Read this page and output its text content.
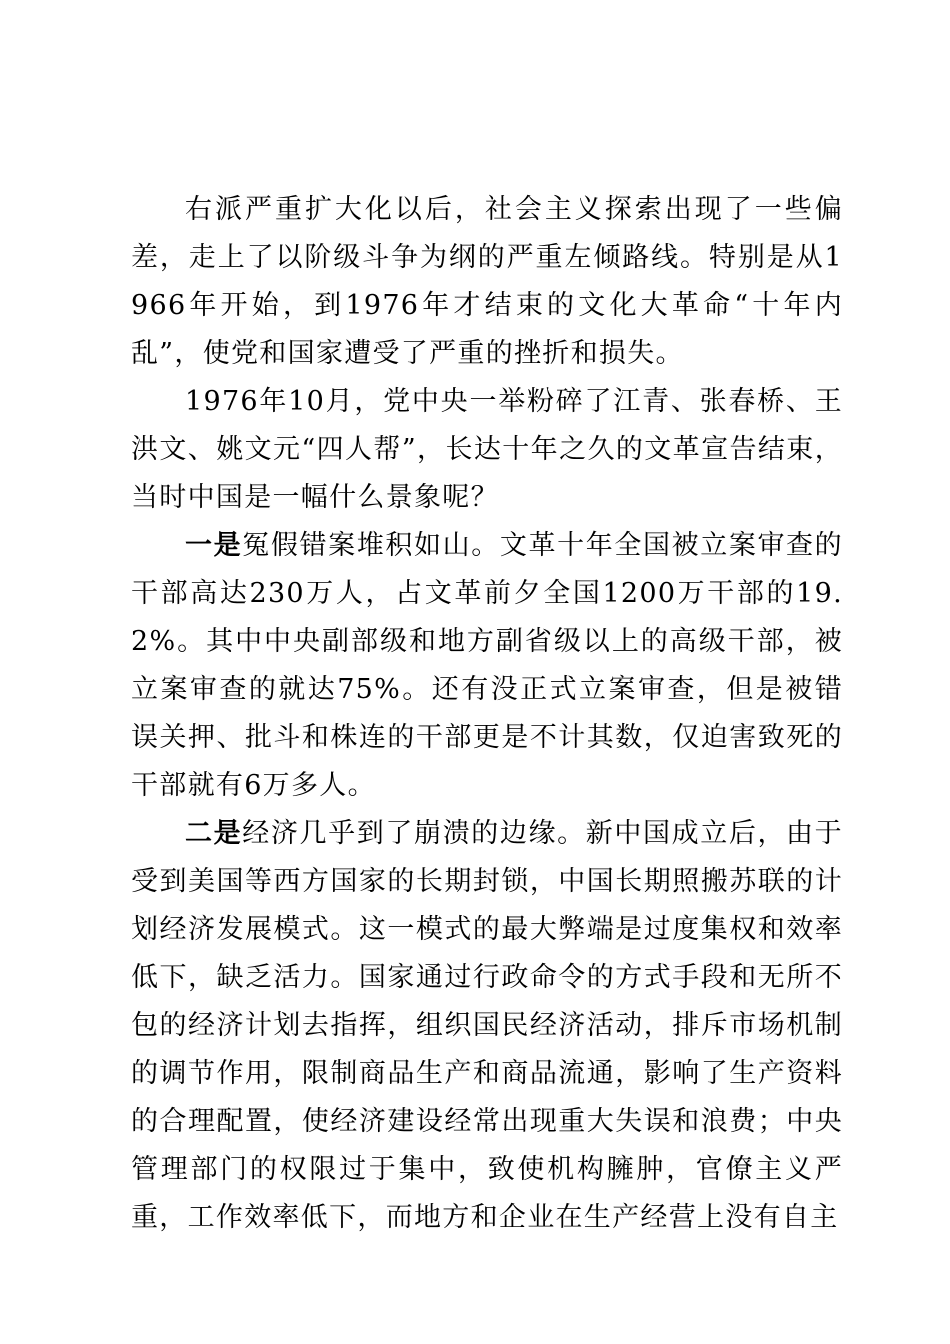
右派严重扩大化以后，社会主义探索出现了一些偏差，走上了以阶级斗争为纲的严重左倾路线。特别是从1966年开始，到1976年才结束的文化大革命“十年内乱”，使党和国家遭受了严重的挫折和损失。

1976年10月，党中央一举粉碎了江青、张春桥、王洪文、姚文元“四人帮”，长达十年之久的文革宣告结束，当时中国是一幅什么景象呢？

一是冤假错案堆积如山。文革十年全国被立案审查的干部高达230万人，占文革前夕全国1200万干部的19.2%。其中中央副部级和地方副省级以上的高级干部，被立案审查的就达75%。还有没正式立案审查，但是被错误关押、批斗和株连的干部更是不计其数，仅迫害致死的干部就有6万多人。

二是经济几乎到了崩溃的边缘。新中国成立后，由于受到美国等西方国家的长期封锁，中国长期照搬苏联的计划经济发展模式。这一模式的最大弊端是过度集权和效率低下，缺乏活力。国家通过行政命令的方式手段和无所不包的经济计划去指挥，组织国民经济活动，排斥市场机制的调节作用，限制商品生产和商品流通，影响了生产资料的合理配置，使经济建设经常出现重大失误和浪费；中央管理部门的权限过于集中，致使机构臃肿，官僚主义严重，工作效率低下，而地方和企业在生产经营上没有自主
